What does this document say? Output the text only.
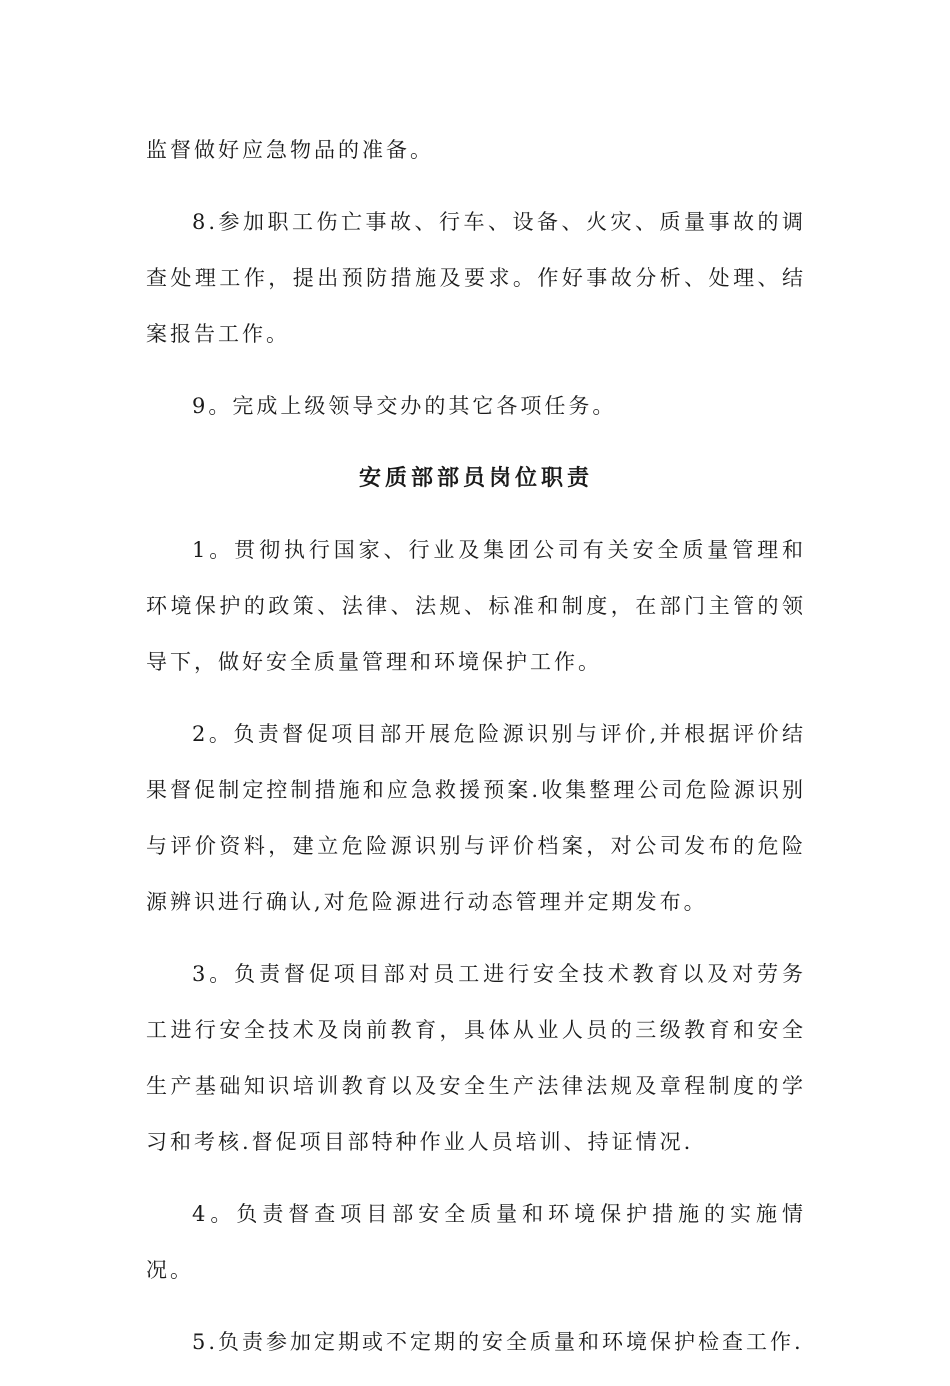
监督做好应急物品的准备。

8.参加职工伤亡事故、行车、设备、火灾、质量事故的调查处理工作，提出预防措施及要求。作好事故分析、处理、结案报告工作。

9。完成上级领导交办的其它各项任务。

安质部部员岗位职责

1。贯彻执行国家、行业及集团公司有关安全质量管理和环境保护的政策、法律、法规、标准和制度，在部门主管的领导下，做好安全质量管理和环境保护工作。

2。负责督促项目部开展危险源识别与评价,并根据评价结果督促制定控制措施和应急救援预案.收集整理公司危险源识别与评价资料，建立危险源识别与评价档案，对公司发布的危险源辨识进行确认,对危险源进行动态管理并定期发布。

3。负责督促项目部对员工进行安全技术教育以及对劳务工进行安全技术及岗前教育，具体从业人员的三级教育和安全生产基础知识培训教育以及安全生产法律法规及章程制度的学习和考核.督促项目部特种作业人员培训、持证情况.

4。负责督查项目部安全质量和环境保护措施的实施情况。

5.负责参加定期或不定期的安全质量和环境保护检查工作.
